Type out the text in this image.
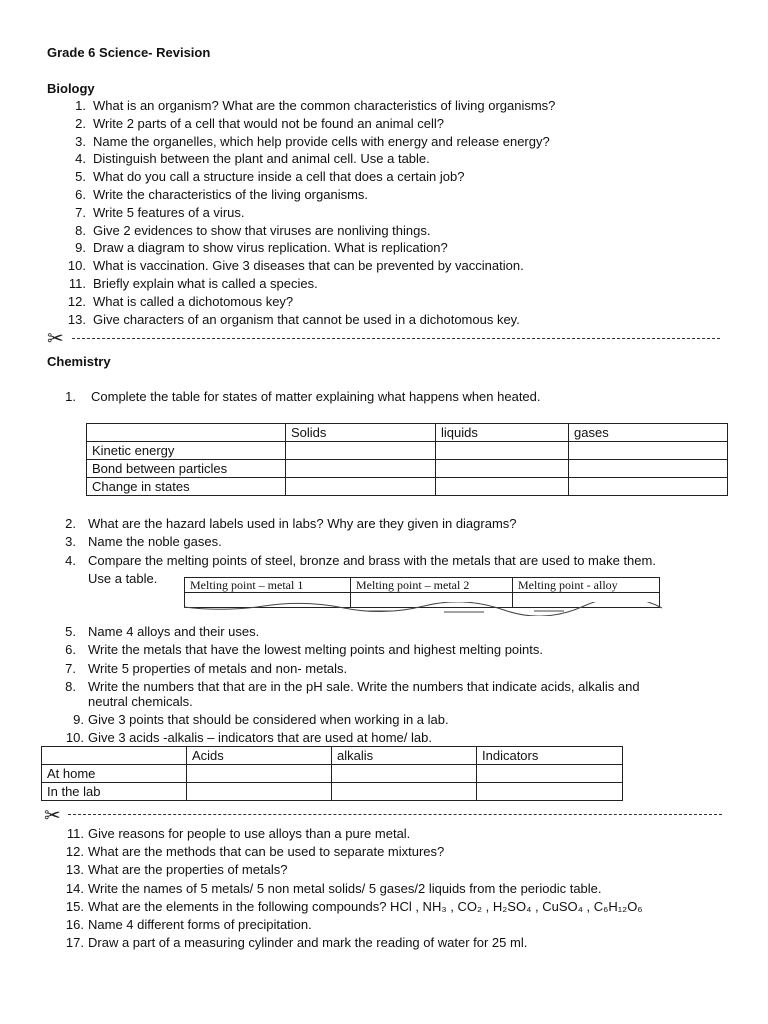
Grade 6 Science- Revision
Biology
1. What is an organism? What are the common characteristics of living organisms?
2. Write 2 parts of a cell that would not be found an animal cell?
3. Name the organelles, which help provide cells with energy and release energy?
4. Distinguish between the plant and animal cell. Use a table.
5. What do you call a structure inside a cell that does a certain job?
6. Write the characteristics of the living organisms.
7. Write 5 features of a virus.
8. Give 2 evidences to show that viruses are nonliving things.
9. Draw a diagram to show virus replication. What is replication?
10. What is vaccination. Give 3 diseases that can be prevented by vaccination.
11. Briefly explain what is called a species.
12. What is called a dichotomous key?
13. Give characters of an organism that cannot be used in a dichotomous key.
✂
Chemistry
1. Complete the table for states of matter explaining what happens when heated.
	Solids	liquids	gases
Kinetic energy			
Bond between particles			
Change in states			
2. What are the hazard labels used in labs? Why are they given in diagrams?
3. Name the noble gases.
4. Compare the melting points of steel, bronze and brass with the metals that are used to make them.
Use a table.	Melting point – metal 1	Melting point – metal 2	Melting point - alloy

5. Name 4 alloys and their uses.
6. Write the metals that have the lowest melting points and highest melting points.
7. Write 5 properties of metals and non- metals.
8. Write the numbers that that are in the pH sale. Write the numbers that indicate acids, alkalis and
neutral chemicals.
9. Give 3 points that should be considered when working in a lab.
10. Give 3 acids -alkalis – indicators that are used at home/ lab.
	Acids	alkalis	Indicators
At home			
In the lab			
✂
11. Give reasons for people to use alloys than a pure metal.
12. What are the methods that can be used to separate mixtures?
13. What are the properties of metals?
14. Write the names of 5 metals/ 5 non metal solids/ 5 gases/2 liquids from the periodic table.
15. What are the elements in the following compounds? HCl , NH₃ , CO₂ , H₂SO₄ , CuSO₄ , C₆H₁₂O₆
16. Name 4 different forms of precipitation.
17. Draw a part of a measuring cylinder and mark the reading of water for 25 ml.
